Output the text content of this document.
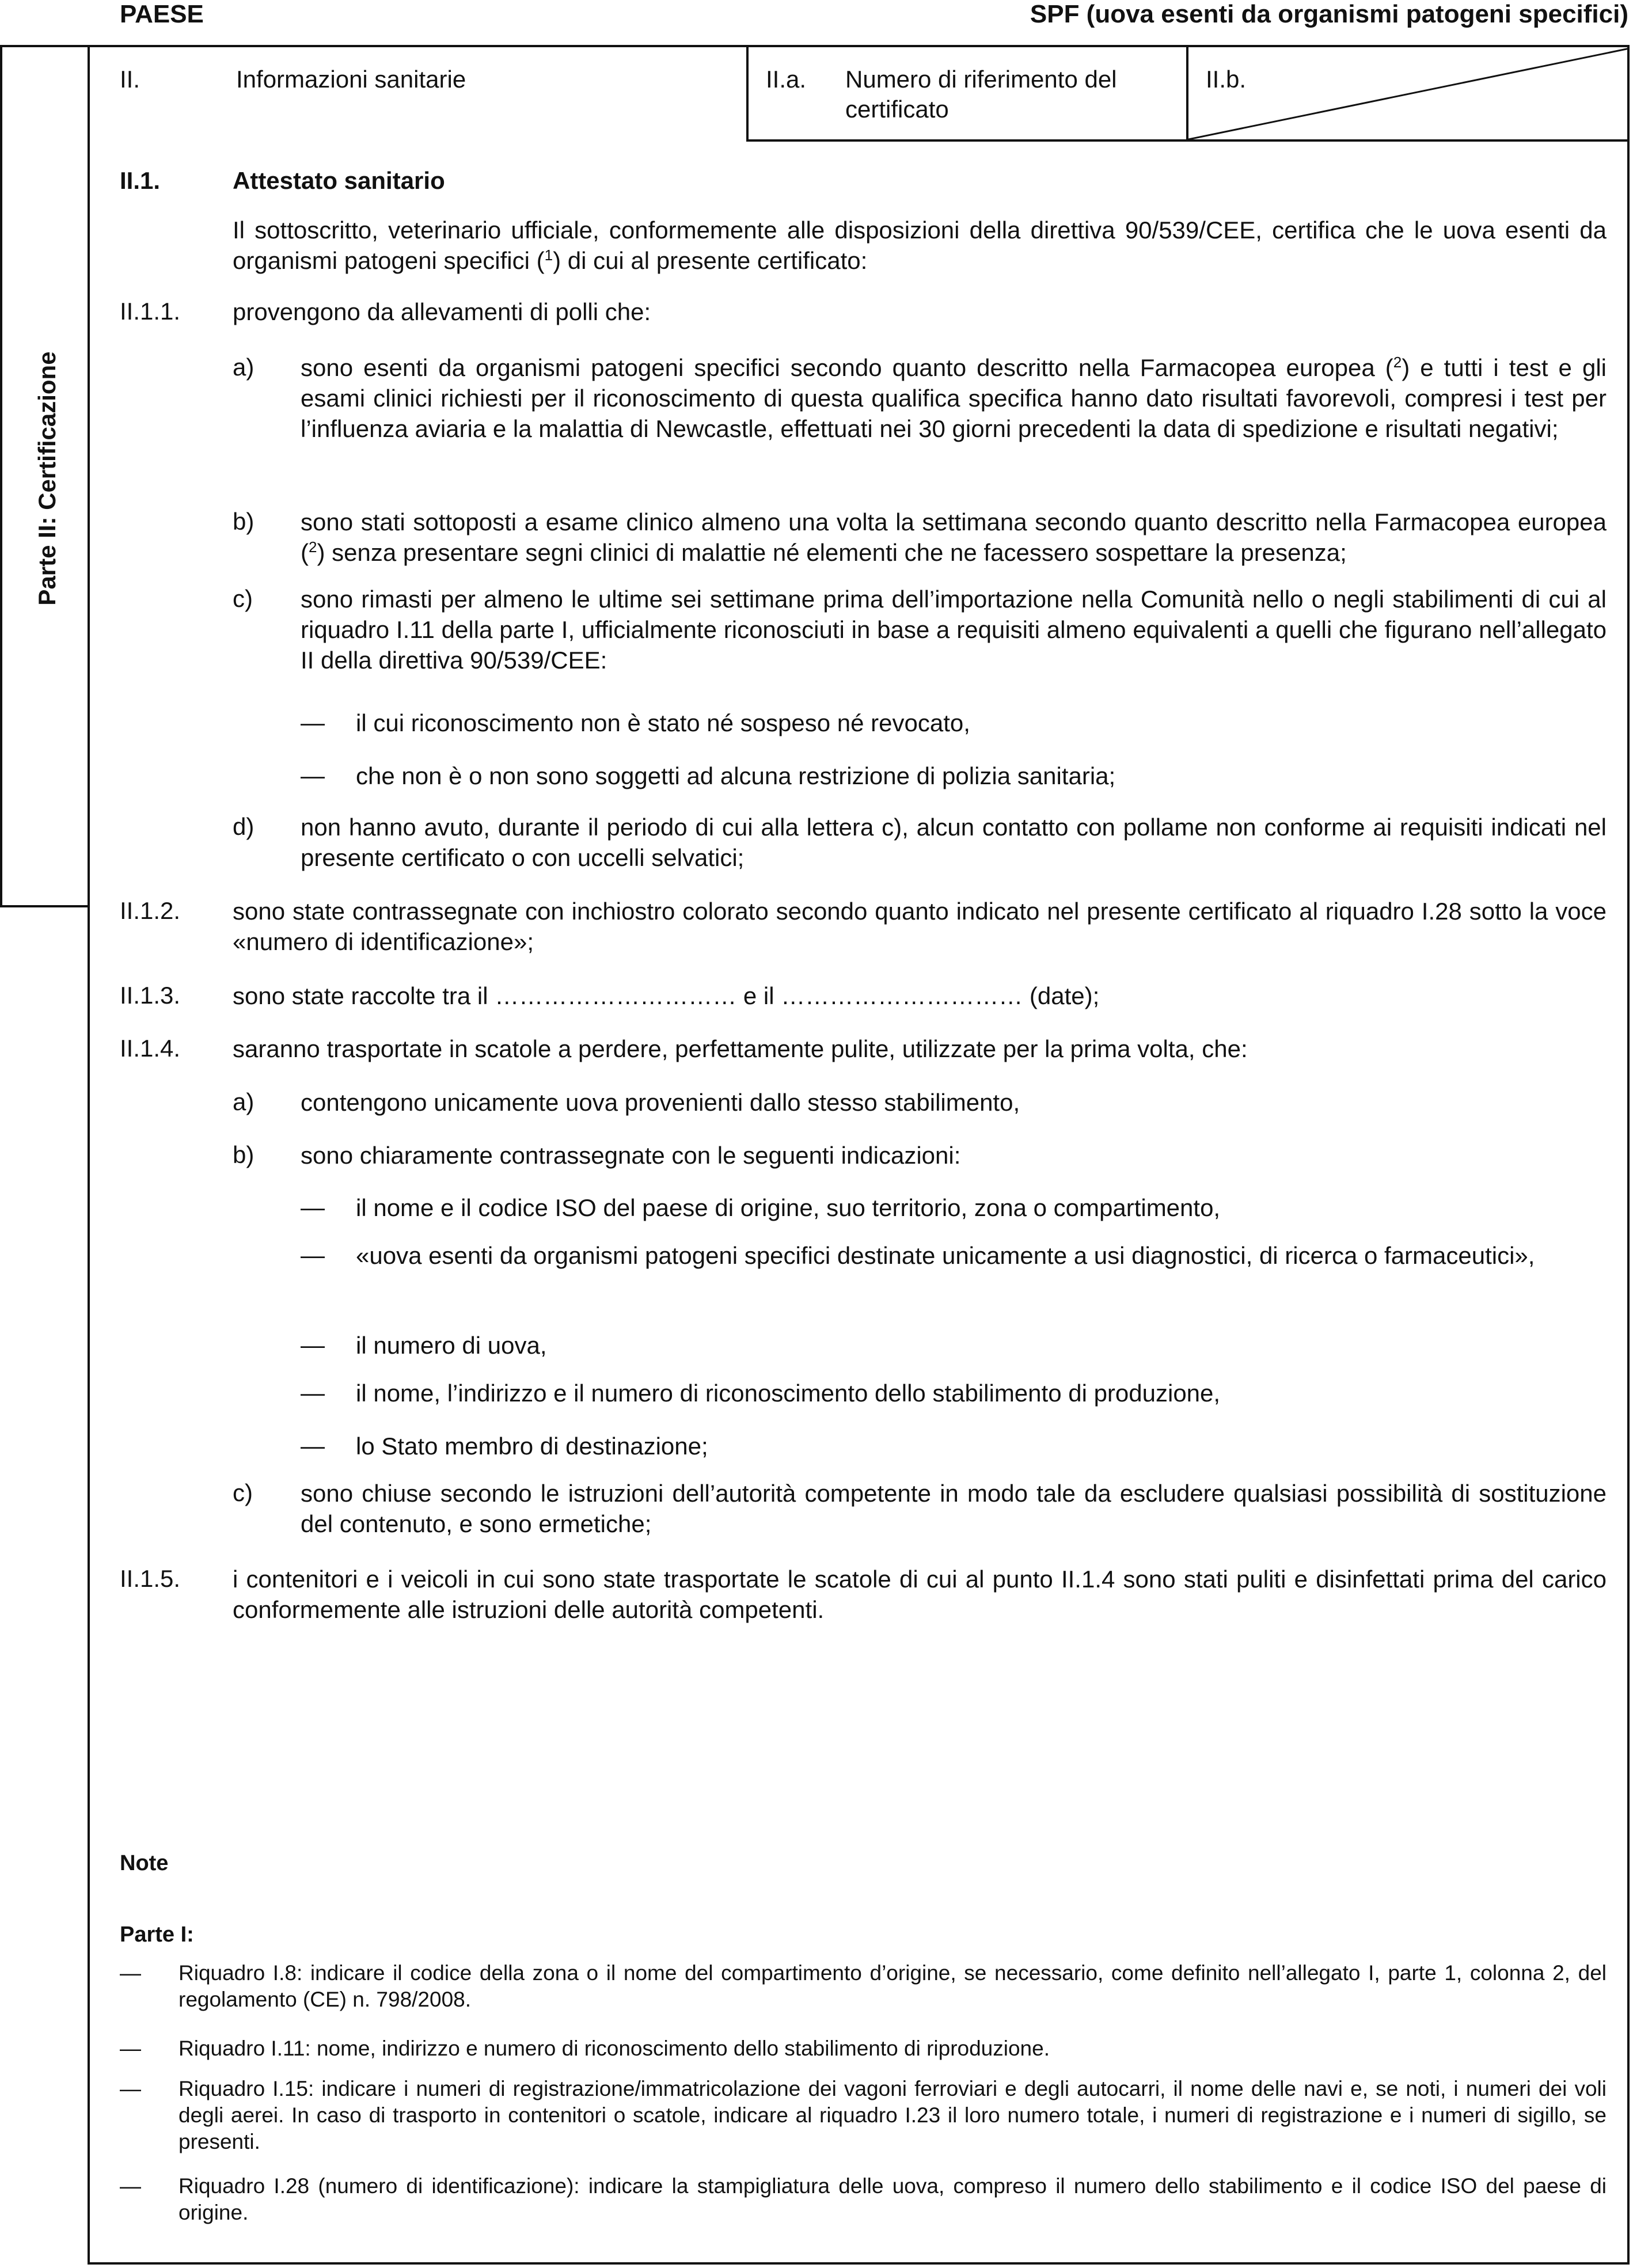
PAESE	SPF (uova esenti da organismi patogeni specifici)
Parte II: Certificazione
II.	Informazioni sanitarie	II.a. Numero di riferimento del certificato
II.b.
II.1.	Attestato sanitario
Il sottoscritto, veterinario ufficiale, conformemente alle disposizioni della direttiva 90/539/CEE, certifica che le uova esenti da organismi patogeni specifici ($^1$) di cui al presente certificato:
II.1.1. provengono da allevamenti di polli che:
a) sono esenti da organismi patogeni specifici secondo quanto descritto nella Farmacopea europea ($^2$) e tutti i test e gli esami clinici richiesti per il riconoscimento di questa qualifica specifica hanno dato risultati favorevoli, compresi i test per l’influenza aviaria e la malattia di Newcastle, effettuati nei 30 giorni precedenti la data di spedizione e risultati negativi;
b) sono stati sottoposti a esame clinico almeno una volta la settimana secondo quanto descritto nella Farmacopea europea ($^2$) senza presentare segni clinici di malattie né elementi che ne facessero sospettare la presenza;
c) sono rimasti per almeno le ultime sei settimane prima dell’importazione nella Comunità nello o negli stabilimenti di cui al riquadro I.11 della parte I, ufficialmente riconosciuti in base a requisiti almeno equivalenti a quelli che figurano nell’allegato II della direttiva 90/539/CEE:
— il cui riconoscimento non è stato né sospeso né revocato,
— che non è o non sono soggetti ad alcuna restrizione di polizia sanitaria;
d) non hanno avuto, durante il periodo di cui alla lettera c), alcun contatto con pollame non conforme ai requisiti indicati nel presente certificato o con uccelli selvatici;
II.1.2. sono state contrassegnate con inchiostro colorato secondo quanto indicato nel presente certificato al riquadro I.28 sotto la voce «numero di identificazione»;
II.1.3. sono state raccolte tra il ………………………… e il ………………………… (date);
II.1.4. saranno trasportate in scatole a perdere, perfettamente pulite, utilizzate per la prima volta, che:
a) contengono unicamente uova provenienti dallo stesso stabilimento,
b) sono chiaramente contrassegnate con le seguenti indicazioni:
— il nome e il codice ISO del paese di origine, suo territorio, zona o compartimento,
— «uova esenti da organismi patogeni specifici destinate unicamente a usi diagnostici, di ricerca o farmaceutici»,
— il numero di uova,
— il nome, l’indirizzo e il numero di riconoscimento dello stabilimento di produzione,
— lo Stato membro di destinazione;
c) sono chiuse secondo le istruzioni dell’autorità competente in modo tale da escludere qualsiasi possibilità di sostituzione del contenuto, e sono ermetiche;
II.1.5. i contenitori e i veicoli in cui sono state trasportate le scatole di cui al punto II.1.4 sono stati puliti e disinfettati prima del carico conformemente alle istruzioni delle autorità competenti.
Note
Parte I:
— Riquadro I.8: indicare il codice della zona o il nome del compartimento d’origine, se necessario, come definito nell’allegato I, parte 1, colonna 2, del regolamento (CE) n. 798/2008.
— Riquadro I.11: nome, indirizzo e numero di riconoscimento dello stabilimento di riproduzione.
— Riquadro I.15: indicare i numeri di registrazione/immatricolazione dei vagoni ferroviari e degli autocarri, il nome delle navi e, se noti, i numeri dei voli degli aerei. In caso di trasporto in contenitori o scatole, indicare al riquadro I.23 il loro numero totale, i numeri di registrazione e i numeri di sigillo, se presenti.
— Riquadro I.28 (numero di identificazione): indicare la stampigliatura delle uova, compreso il numero dello stabilimento e il codice ISO del paese di origine.
